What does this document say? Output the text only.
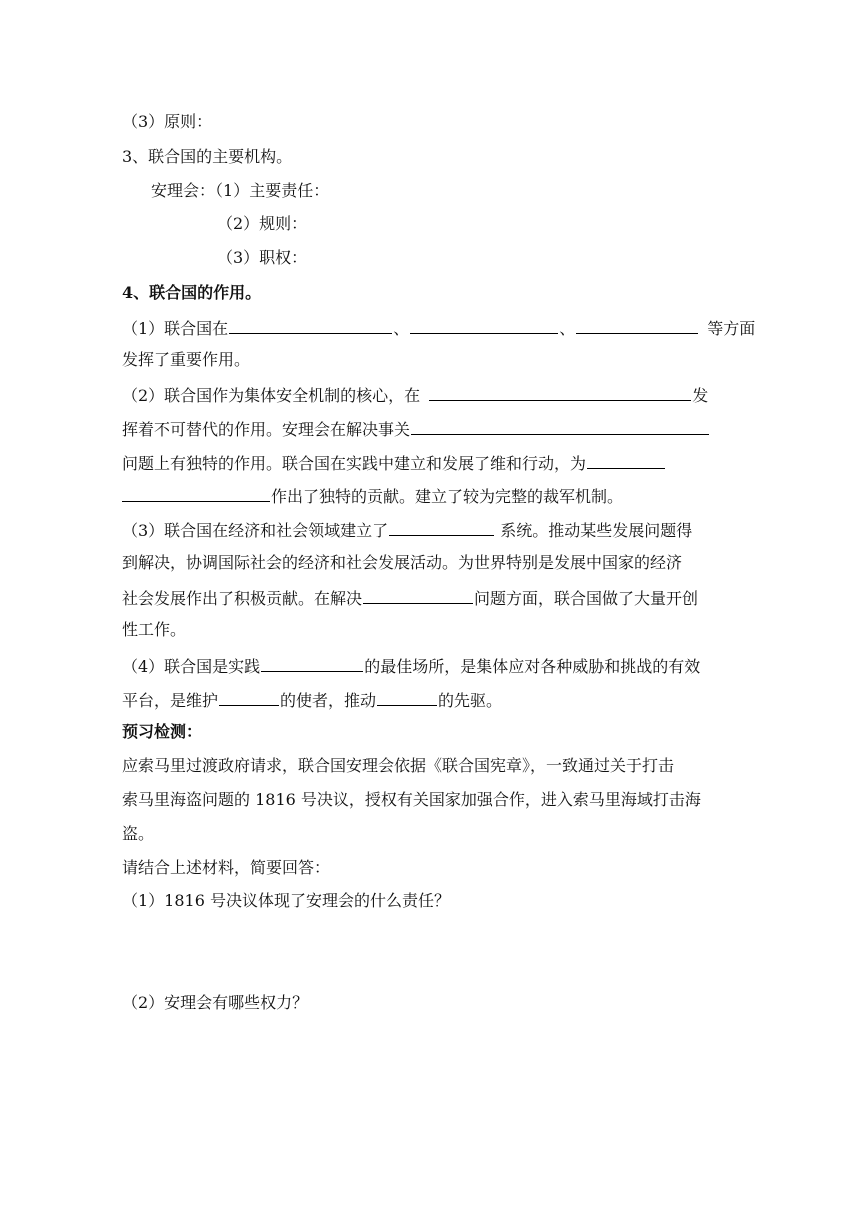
（3）原则：
3、联合国的主要机构。
安理会：（1）主要责任：
（2）规则：
（3）职权：
4、联合国的作用。
（1）联合国在	、	、	等方面
发挥了重要作用。
（2）联合国作为集体安全机制的核心，在	发
挥着不可替代的作用。安理会在解决事关
问题上有独特的作用。联合国在实践中建立和发展了维和行动，为
作出了独特的贡献。建立了较为完整的裁军机制。
（3）联合国在经济和社会领域建立了	系统。推动某些发展问题得
到解决，协调国际社会的经济和社会发展活动。为世界特别是发展中国家的经济
社会发展作出了积极贡献。在解决	问题方面，联合国做了大量开创
性工作。
（4）联合国是实践	的最佳场所，是集体应对各种威胁和挑战的有效
平台，是维护	的使者，推动	的先驱。
预习检测：
应索马里过渡政府请求，联合国安理会依据《联合国宪章》，一致通过关于打击
索马里海盗问题的 1816 号决议，授权有关国家加强合作，进入索马里海域打击海
盗。
请结合上述材料，简要回答：
（1）1816 号决议体现了安理会的什么责任？
（2）安理会有哪些权力？
